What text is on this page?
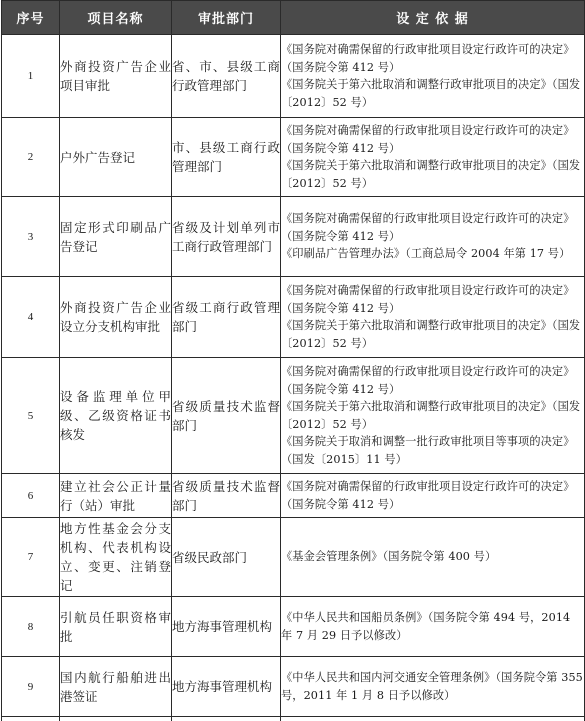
序号	项目名称	审批部门	设 定 依 据
1	外商投资广告企业项目审批	省、市、县级工商行政管理部门	《国务院对确需保留的行政审批项目设定行政许可的决定》（国务院令第 412 号）
《国务院关于第六批取消和调整行政审批项目的决定》（国发〔2012〕52 号）
2	户外广告登记	市、县级工商行政管理部门	《国务院对确需保留的行政审批项目设定行政许可的决定》（国务院令第 412 号）
《国务院关于第六批取消和调整行政审批项目的决定》（国发〔2012〕52 号）
3	固定形式印刷品广告登记	省级及计划单列市工商行政管理部门	《国务院对确需保留的行政审批项目设定行政许可的决定》（国务院令第 412 号）
《印刷品广告管理办法》（工商总局令 2004 年第 17 号）
4	外商投资广告企业设立分支机构审批	省级工商行政管理部门	《国务院对确需保留的行政审批项目设定行政许可的决定》（国务院令第 412 号）
《国务院关于第六批取消和调整行政审批项目的决定》（国发〔2012〕52 号）
5	设备监理单位甲级、乙级资格证书核发	省级质量技术监督部门	《国务院对确需保留的行政审批项目设定行政许可的决定》（国务院令第 412 号）
《国务院关于第六批取消和调整行政审批项目的决定》（国发〔2012〕52 号）
《国务院关于取消和调整一批行政审批项目等事项的决定》（国发〔2015〕11 号）
6	建立社会公正计量行（站）审批	省级质量技术监督部门	《国务院对确需保留的行政审批项目设定行政许可的决定》（国务院令第 412 号）
7	地方性基金会分支机构、代表机构设立、变更、注销登记	省级民政部门	《基金会管理条例》（国务院令第 400 号）
8	引航员任职资格审批	地方海事管理机构	《中华人民共和国船员条例》（国务院令第 494 号，2014 年 7 月 29 日予以修改）
9	国内航行船舶进出港签证	地方海事管理机构	《中华人民共和国内河交通安全管理条例》（国务院令第 355 号，2011 年 1 月 8 日予以修改）
